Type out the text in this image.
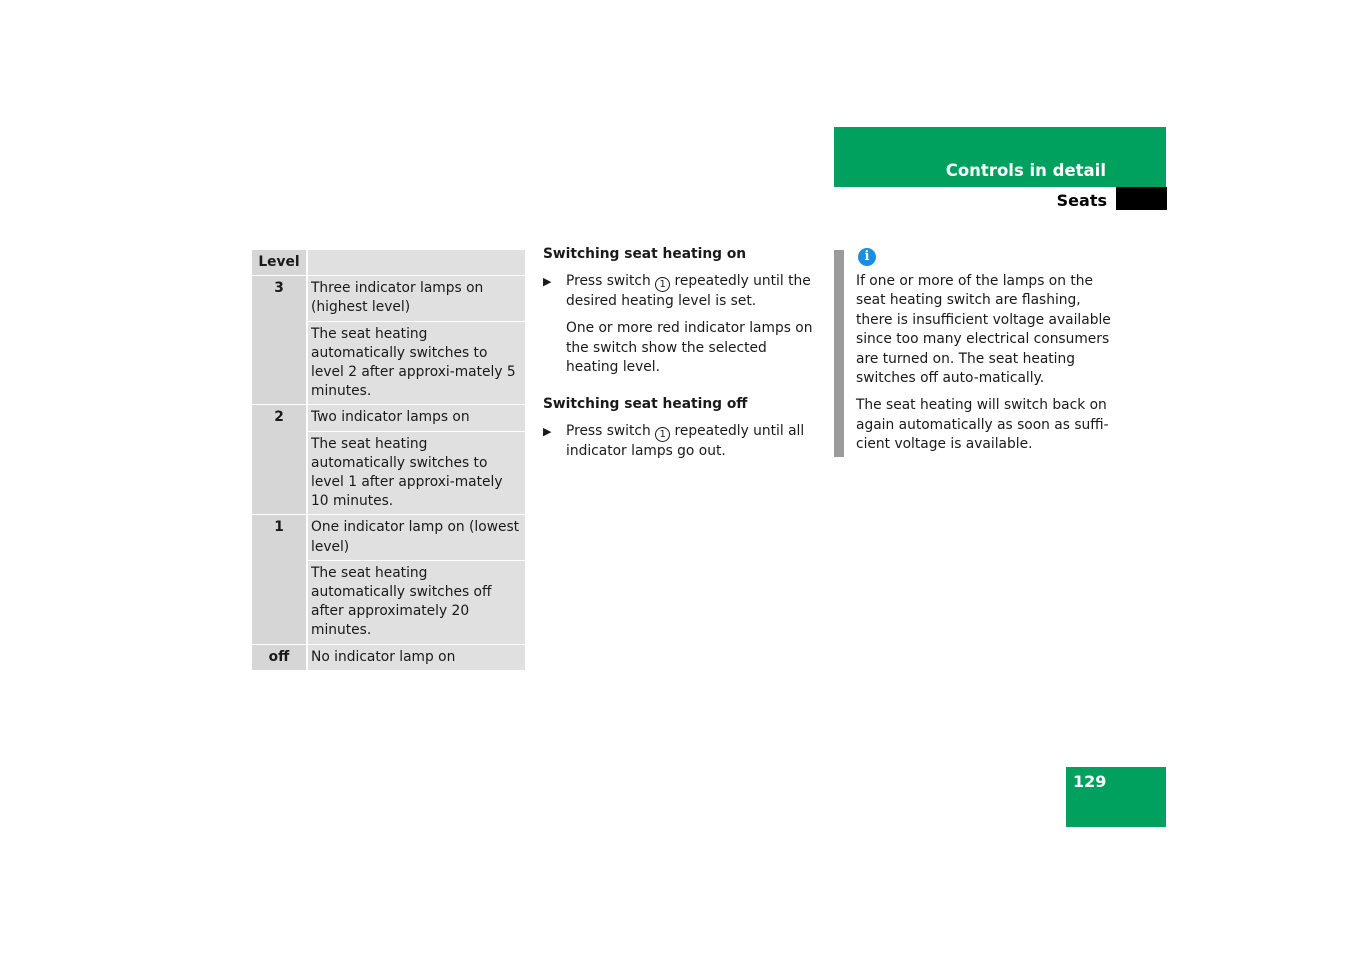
Controls in detail
Seats
Level	
3	Three indicator lamps on (highest level)
	The seat heating automatically switches to level 2 after approxi-mately 5 minutes.
2	Two indicator lamps on
	The seat heating automatically switches to level 1 after approxi-mately 10 minutes.
1	One indicator lamp on (lowest level)
	The seat heating automatically switches off after approximately 20 minutes.
off	No indicator lamp on
Switching seat heating on
▶ Press switch 1 repeatedly until the desired heating level is set.
One or more red indicator lamps on the switch show the selected heating level.
Switching seat heating off
▶ Press switch 1 repeatedly until all indicator lamps go out.
i

If one or more of the lamps on the seat heating switch are flashing, there is insufficient voltage available since too many electrical consumers are turned on. The seat heating switches off auto-matically.

The seat heating will switch back on again automatically as soon as suffi-cient voltage is available.

129
